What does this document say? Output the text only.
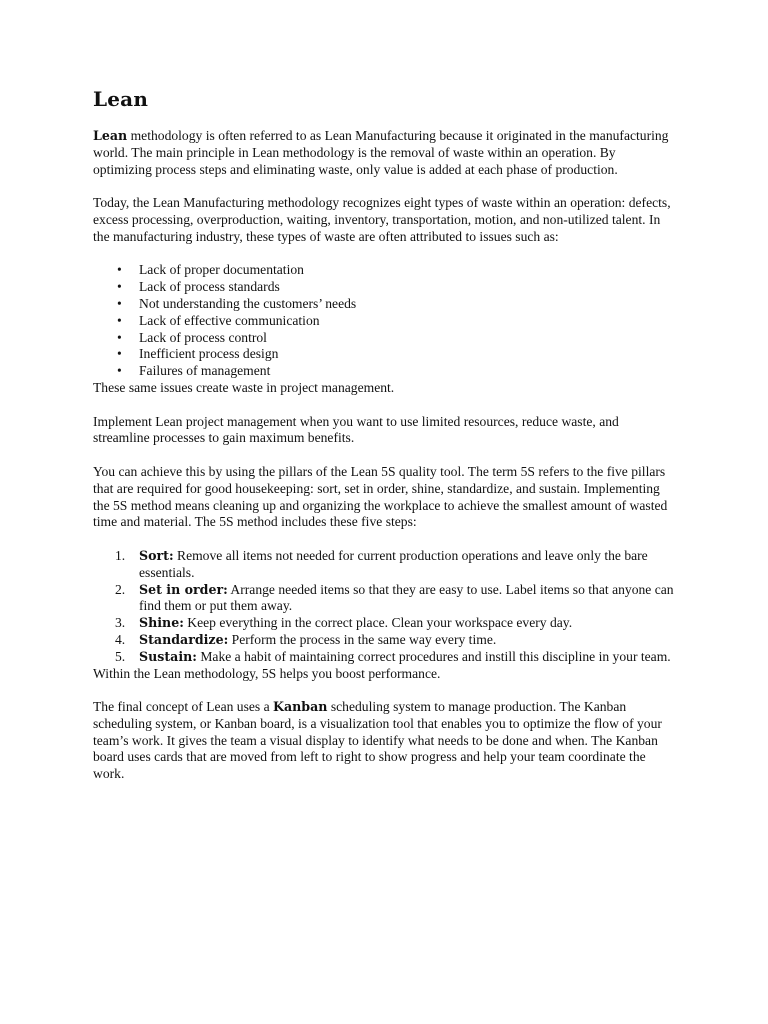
Lean

Lean methodology is often referred to as Lean Manufacturing because it originated in the manufacturing world. The main principle in Lean methodology is the removal of waste within an operation. By optimizing process steps and eliminating waste, only value is added at each phase of production.

Today, the Lean Manufacturing methodology recognizes eight types of waste within an operation: defects, excess processing, overproduction, waiting, inventory, transportation, motion, and non-utilized talent. In the manufacturing industry, these types of waste are often attributed to issues such as:

• Lack of proper documentation
• Lack of process standards
• Not understanding the customers’ needs
• Lack of effective communication
• Lack of process control
• Inefficient process design
• Failures of management

These same issues create waste in project management.

Implement Lean project management when you want to use limited resources, reduce waste, and streamline processes to gain maximum benefits.

You can achieve this by using the pillars of the Lean 5S quality tool. The term 5S refers to the five pillars that are required for good housekeeping: sort, set in order, shine, standardize, and sustain. Implementing the 5S method means cleaning up and organizing the workplace to achieve the smallest amount of wasted time and material. The 5S method includes these five steps:

1. Sort: Remove all items not needed for current production operations and leave only the bare essentials.
2. Set in order: Arrange needed items so that they are easy to use. Label items so that anyone can find them or put them away.
3. Shine: Keep everything in the correct place. Clean your workspace every day.
4. Standardize: Perform the process in the same way every time.
5. Sustain: Make a habit of maintaining correct procedures and instill this discipline in your team.

Within the Lean methodology, 5S helps you boost performance.

The final concept of Lean uses a Kanban scheduling system to manage production. The Kanban scheduling system, or Kanban board, is a visualization tool that enables you to optimize the flow of your team’s work. It gives the team a visual display to identify what needs to be done and when. The Kanban board uses cards that are moved from left to right to show progress and help your team coordinate the work.
